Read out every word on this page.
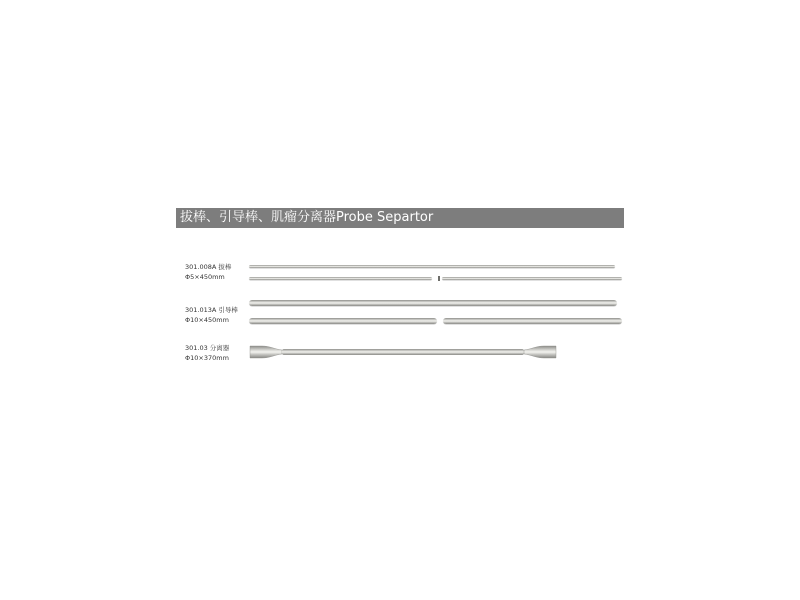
拔棒、引导棒、肌瘤分离器Probe Separtor
301.008A 拔棒
Φ5×450mm
301.013A 引导棒
Φ10×450mm
301.03 分离器
Φ10×370mm
